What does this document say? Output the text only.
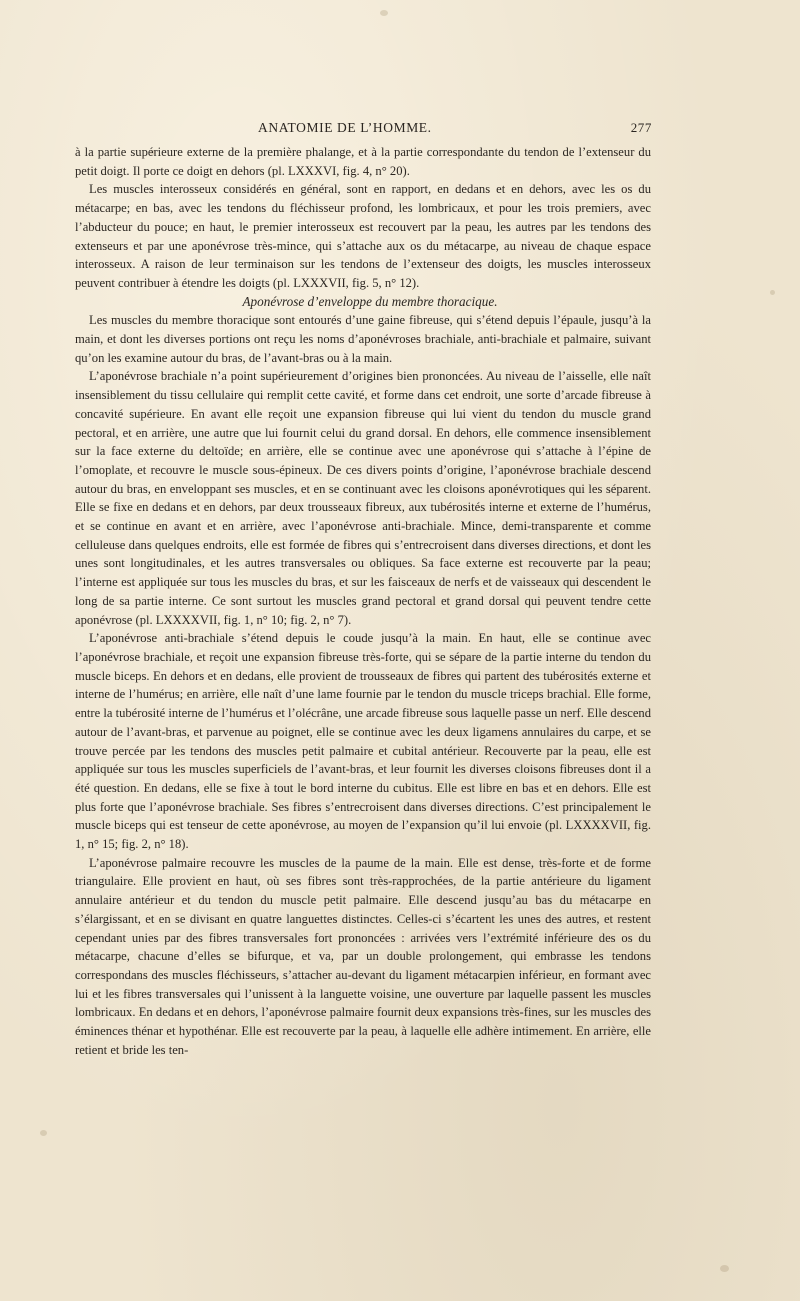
ANATOMIE DE L’HOMME.	277

à la partie supérieure externe de la première phalange, et à la partie correspondante du tendon de l’extenseur du petit doigt. Il porte ce doigt en dehors (pl. LXXXVI, fig. 4, n° 20).

Les muscles interosseux considérés en général, sont en rapport, en dedans et en dehors, avec les os du métacarpe; en bas, avec les tendons du fléchisseur profond, les lombricaux, et pour les trois premiers, avec l’abducteur du pouce; en haut, le premier interosseux est recouvert par la peau, les autres par les tendons des extenseurs et par une aponévrose très-mince, qui s’attache aux os du métacarpe, au niveau de chaque espace interosseux. A raison de leur terminaison sur les tendons de l’extenseur des doigts, les muscles interosseux peuvent contribuer à étendre les doigts (pl. LXXXVII, fig. 5, n° 12).

Aponévrose d’enveloppe du membre thoracique.

Les muscles du membre thoracique sont entourés d’une gaine fibreuse, qui s’étend depuis l’épaule, jusqu’à la main, et dont les diverses portions ont reçu les noms d’aponévroses brachiale, anti-brachiale et palmaire, suivant qu’on les examine autour du bras, de l’avant-bras ou à la main.

L’aponévrose brachiale n’a point supérieurement d’origines bien prononcées. Au niveau de l’aisselle, elle naît insensiblement du tissu cellulaire qui remplit cette cavité, et forme dans cet endroit, une sorte d’arcade fibreuse à concavité supérieure. En avant elle reçoit une expansion fibreuse qui lui vient du tendon du muscle grand pectoral, et en arrière, une autre que lui fournit celui du grand dorsal. En dehors, elle commence insensiblement sur la face externe du deltoïde; en arrière, elle se continue avec une aponévrose qui s’attache à l’épine de l’omoplate, et recouvre le muscle sous-épineux. De ces divers points d’origine, l’aponévrose brachiale descend autour du bras, en enveloppant ses muscles, et en se continuant avec les cloisons aponévrotiques qui les séparent. Elle se fixe en dedans et en dehors, par deux trousseaux fibreux, aux tubérosités interne et externe de l’humérus, et se continue en avant et en arrière, avec l’aponévrose anti-brachiale. Mince, demi-transparente et comme celluleuse dans quelques endroits, elle est formée de fibres qui s’entrecroisent dans diverses directions, et dont les unes sont longitudinales, et les autres transversales ou obliques. Sa face externe est recouverte par la peau; l’interne est appliquée sur tous les muscles du bras, et sur les faisceaux de nerfs et de vaisseaux qui descendent le long de sa partie interne. Ce sont surtout les muscles grand pectoral et grand dorsal qui peuvent tendre cette aponévrose (pl. LXXXXVII, fig. 1, n° 10; fig. 2, n° 7).

L’aponévrose anti-brachiale s’étend depuis le coude jusqu’à la main. En haut, elle se continue avec l’aponévrose brachiale, et reçoit une expansion fibreuse très-forte, qui se sépare de la partie interne du tendon du muscle biceps. En dehors et en dedans, elle provient de trousseaux de fibres qui partent des tubérosités externe et interne de l’humérus; en arrière, elle naît d’une lame fournie par le tendon du muscle triceps brachial. Elle forme, entre la tubérosité interne de l’humérus et l’olécrâne, une arcade fibreuse sous laquelle passe un nerf. Elle descend autour de l’avant-bras, et parvenue au poignet, elle se continue avec les deux ligamens annulaires du carpe, et se trouve percée par les tendons des muscles petit palmaire et cubital antérieur. Recouverte par la peau, elle est appliquée sur tous les muscles superficiels de l’avant-bras, et leur fournit les diverses cloisons fibreuses dont il a été question. En dedans, elle se fixe à tout le bord interne du cubitus. Elle est libre en bas et en dehors. Elle est plus forte que l’aponévrose brachiale. Ses fibres s’entrecroisent dans diverses directions. C’est principalement le muscle biceps qui est tenseur de cette aponévrose, au moyen de l’expansion qu’il lui envoie (pl. LXXXXVII, fig. 1, n° 15; fig. 2, n° 18).

L’aponévrose palmaire recouvre les muscles de la paume de la main. Elle est dense, très-forte et de forme triangulaire. Elle provient en haut, où ses fibres sont très-rapprochées, de la partie antérieure du ligament annulaire antérieur et du tendon du muscle petit palmaire. Elle descend jusqu’au bas du métacarpe en s’élargissant, et en se divisant en quatre languettes distinctes. Celles-ci s’écartent les unes des autres, et restent cependant unies par des fibres transversales fort prononcées : arrivées vers l’extrémité inférieure des os du métacarpe, chacune d’elles se bifurque, et va, par un double prolongement, qui embrasse les tendons correspondans des muscles fléchisseurs, s’attacher au-devant du ligament métacarpien inférieur, en formant avec lui et les fibres transversales qui l’unissent à la languette voisine, une ouverture par laquelle passent les muscles lombricaux. En dedans et en dehors, l’aponévrose palmaire fournit deux expansions très-fines, sur les muscles des éminences thénar et hypothénar. Elle est recouverte par la peau, à laquelle elle adhère intimement. En arrière, elle retient et bride les ten-
